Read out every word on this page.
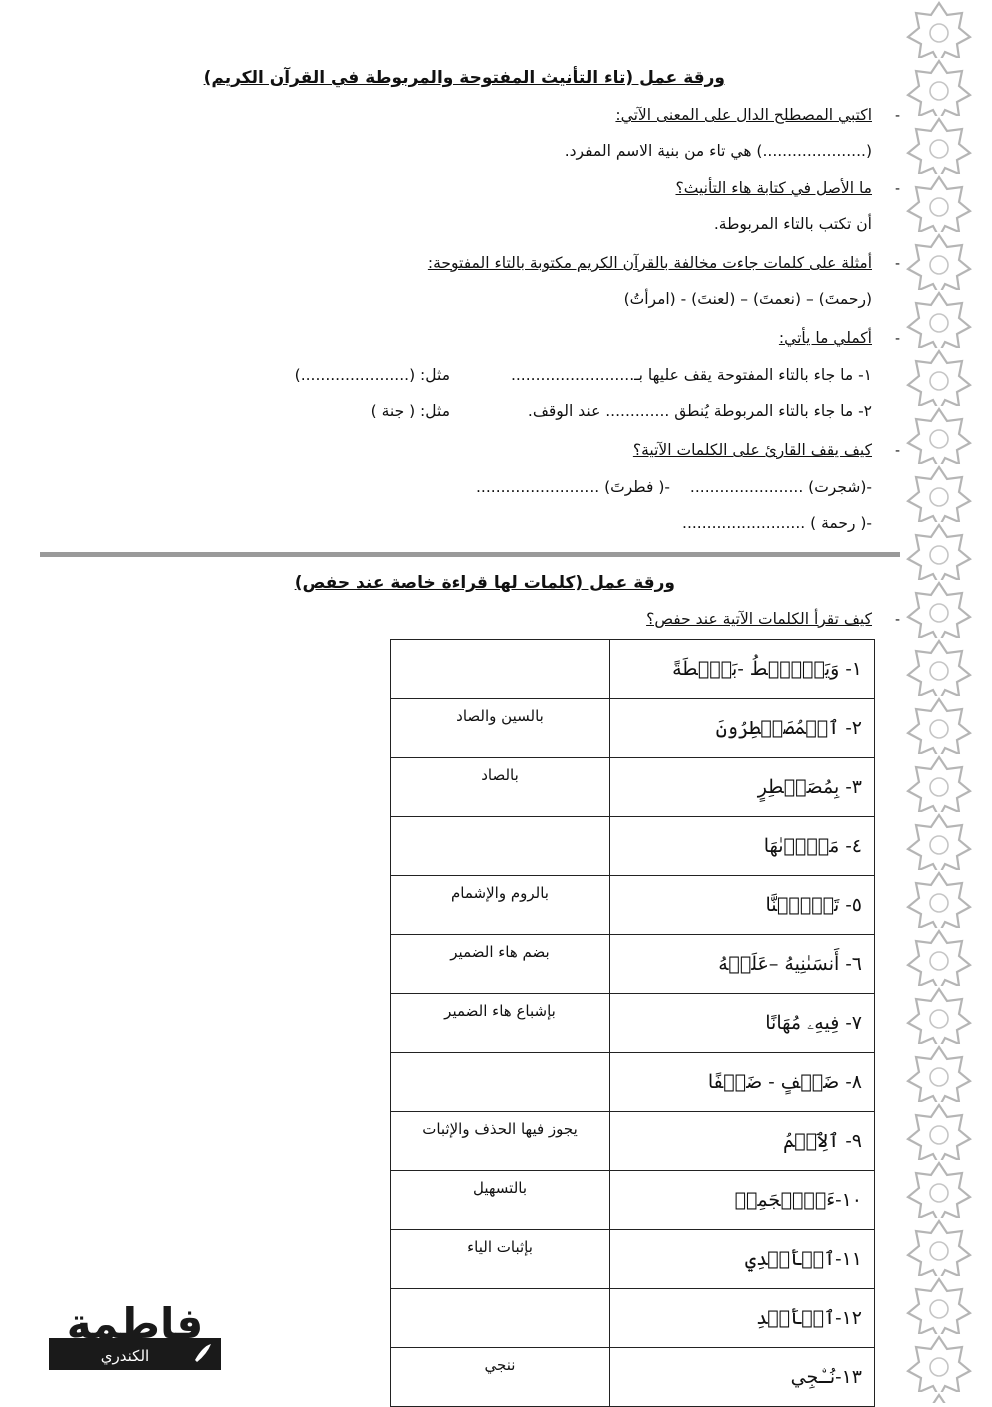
ورقة عمل (تاء التأنيث المفتوحة والمربوطة في القرآن الكريم)
-
اكتبي المصطلح الدال على المعنى الآتي:
(.....................) هي تاء من بنية الاسم المفرد.
-
ما الأصل في كتابة هاء التأنيث؟
أن تكتب بالتاء المربوطة.
-
أمثلة على كلمات جاءت مخالفة بالقرآن الكريم مكتوبة بالتاء المفتوحة:
(رحمتَ) – (نعمتَ) – (لعنتَ) - (امرأتُ)
-
أكملي ما يأتي:
١- ما جاء بالتاء المفتوحة يقف عليها بـ.........................
مثل: (......................)
٢- ما جاء بالتاء المربوطة يُنطق ............. عند الوقف.
مثل: ( جنة )
-
كيف يقف القارئ على الكلمات الآتية؟
-(شجرت) .......................
-( فطرتَ) .........................
-( رحمة ) .........................
ورقة عمل (كلمات لها قراءة خاصة عند حفص)
-
كيف تقرأ الكلمات الآتية عند حفص؟
١- وَيَبۡصُۜطُ -بَصۜۡطَةً	
٢- ٱلۡمُصَيۡطِرُونَ	بالسين والصاد
٣- بِمُصَيۡطِرٍ	بالصاد
٤- مَجۡرٜىٰهَا	
٥- تَأۡمَ۫نَّا	بالروم والإشمام
٦- أَنسَىٰنِيهُ –عَلَيۡهُ	بضم هاء الضمير
٧- فِيهِۦ مُهَانًا	بإشباع هاء الضمير
٨- ضَعۡفٍ - ضَعۡفًا	
٩- ٱلِٱسۡمُ	يجوز فيها الحذف والإثبات
١٠-ءَا۬عۡجَمِيٞ	بالتسهيل
١١-ٱلۡأَيۡدِي	بإثبات الياء
١٢-ٱلۡأَيۡدِ	
١٣-نُـۨجِي	ننجي
فاطمة
الكندري
